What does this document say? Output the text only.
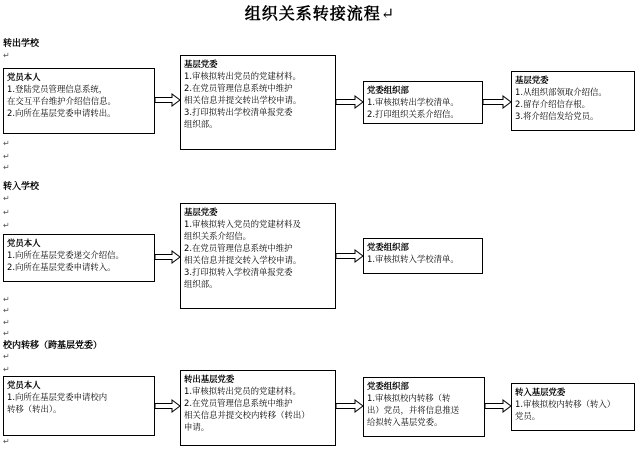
组织关系转接流程↵
转出学校
↵
↵
↵
↵
党员本人
1.登陆党员管理信息系统，
在交互平台维护介绍信信息。
2.向所在基层党委申请转出。
基层党委
1.审核拟转出党员的党建材料。
2.在党员管理信息系统中维护
相关信息并提交转出学校申请。
3.打印拟转出学校清单报党委
组织部。
党委组织部
1.审核拟转出学校清单。
2.打印组织关系介绍信。
基层党委
1.从组织部领取介绍信。
2.留存介绍信存根。
3.将介绍信发给党员。
转入学校
↵
↵
↵
↵
↵
↵
↵
党员本人
1.向所在基层党委递交介绍信。
2.向所在基层党委申请转入。
基层党委
1.审核拟转入党员的党建材料及
组织关系介绍信。
2.在党员管理信息系统中维护
相关信息并提交转入学校申请。
3.打印拟转入学校清单报党委
组织部。
党委组织部
1.审核拟转入学校清单。
校内转移（跨基层党委）
↵
↵
↵
党员本人
1.向所在基层党委申请校内
转移（转出）。
转出基层党委
1.审核拟转出党员的党建材料。
2.在党员管理信息系统中维护
相关信息并提交校内转移（转出）
申请。
党委组织部
1.审核拟校内转移（转
出）党员，并将信息推送
给拟转入基层党委。
转入基层党委
1.审核拟校内转移（转入）
党员。
